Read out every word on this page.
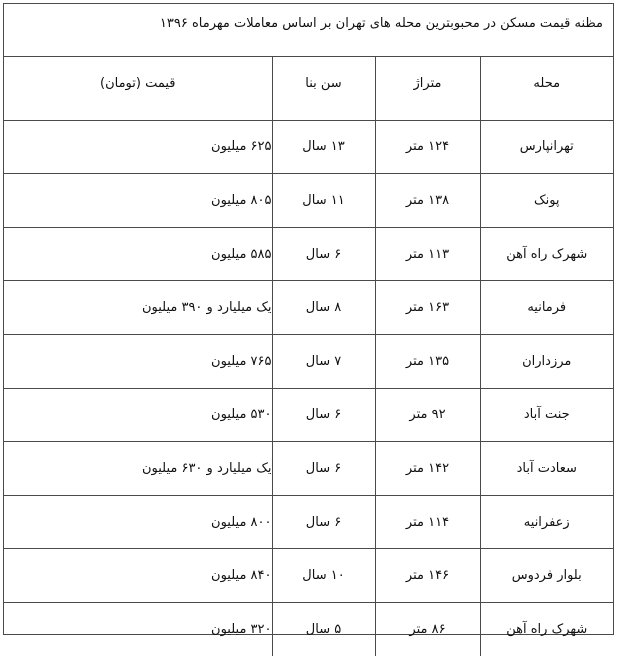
مظنه قیمت مسکن در محبوبترین محله های تهران بر اساس معاملات مهرماه ۱۳۹۶
محله	متراژ	سن بنا	قیمت (تومان)
تهرانپارس	۱۲۴ متر	۱۳ سال	۶۲۵ میلیون
پونک	۱۳۸ متر	۱۱ سال	۸۰۵ میلیون
شهرک راه آهن	۱۱۳ متر	۶ سال	۵۸۵ میلیون
فرمانیه	۱۶۳ متر	۸ سال	یک میلیارد و ۳۹۰ میلیون
مرزداران	۱۳۵ متر	۷ سال	۷۶۵ میلیون
جنت آباد	۹۲ متر	۶ سال	۵۳۰ میلیون
سعادت آباد	۱۴۲ متر	۶ سال	یک میلیارد و ۶۳۰ میلیون
زعفرانیه	۱۱۴ متر	۶ سال	۸۰۰ میلیون
بلوار فردوس	۱۴۶ متر	۱۰ سال	۸۴۰ میلیون
شهرک راه آهن	۸۶ متر	۵ سال	۳۲۰ میلیون
